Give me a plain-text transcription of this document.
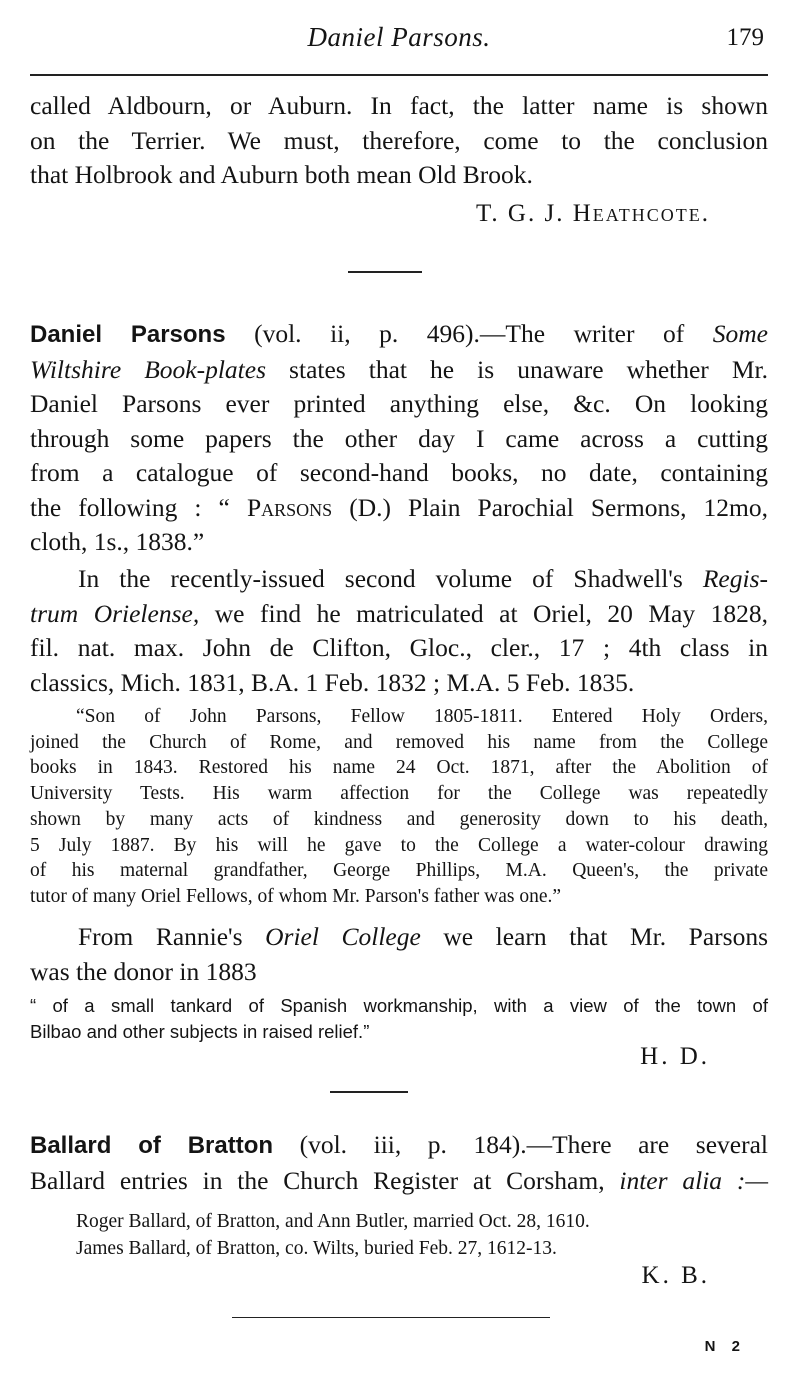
Daniel Parsons.	179

called Aldbourn, or Auburn. In fact, the latter name is shown
on the Terrier. We must, therefore, come to the conclusion
that Holbrook and Auburn both mean Old Brook.

T. G. J. Heathcote.

Daniel Parsons (vol. ii, p. 496).—The writer of Some
Wiltshire Book-plates states that he is unaware whether Mr.
Daniel Parsons ever printed anything else, &c. On looking
through some papers the other day I came across a cutting
from a catalogue of second-hand books, no date, containing
the following : “ Parsons (D.) Plain Parochial Sermons, 12mo,
cloth, 1s., 1838.”

In the recently-issued second volume of Shadwell's Regis-
trum Orielense, we find he matriculated at Oriel, 20 May 1828,
fil. nat. max. John de Clifton, Gloc., cler., 17 ; 4th class in
classics, Mich. 1831, B.A. 1 Feb. 1832 ; M.A. 5 Feb. 1835.

“Son of John Parsons, Fellow 1805-1811. Entered Holy Orders,
joined the Church of Rome, and removed his name from the College
books in 1843. Restored his name 24 Oct. 1871, after the Abolition of
University Tests. His warm affection for the College was repeatedly
shown by many acts of kindness and generosity down to his death,
5 July 1887. By his will he gave to the College a water-colour drawing
of his maternal grandfather, George Phillips, M.A. Queen's, the private
tutor of many Oriel Fellows, of whom Mr. Parson's father was one.”

From Rannie's Oriel College we learn that Mr. Parsons
was the donor in 1883

“ of a small tankard of Spanish workmanship, with a view of the town of
Bilbao and other subjects in raised relief.”

H. D.

Ballard of Bratton (vol. iii, p. 184).—There are several
Ballard entries in the Church Register at Corsham, inter alia :—

Roger Ballard, of Bratton, and Ann Butler, married Oct. 28, 1610.
James Ballard, of Bratton, co. Wilts, buried Feb. 27, 1612-13.

K. B.
N 2
